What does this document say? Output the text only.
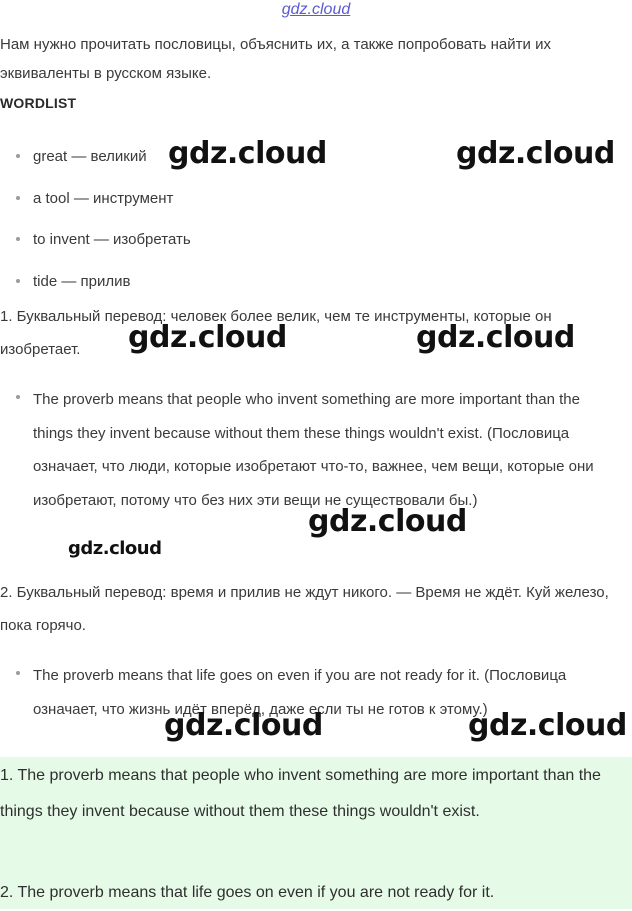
gdz.cloud
Нам нужно прочитать пословицы, объяснить их, а также попробовать найти их эквиваленты в русском языке.
WORDLIST
great — великий
a tool — инструмент
to invent — изобретать
tide — прилив
1. Буквальный перевод: человек более велик, чем те инструменты, которые он изобретает.
The proverb means that people who invent something are more important than the things they invent because without them these things wouldn't exist. (Пословица означает, что люди, которые изобретают что-то, важнее, чем вещи, которые они изобретают, потому что без них эти вещи не существовали бы.)
2. Буквальный перевод: время и прилив не ждут никого. — Время не ждёт. Куй железо, пока горячо.
The proverb means that life goes on even if you are not ready for it. (Пословица означает, что жизнь идёт вперёд, даже если ты не готов к этому.)
1. The proverb means that people who invent something are more important than the things they invent because without them these things wouldn't exist.
2. The proverb means that life goes on even if you are not ready for it.
gdz.cloud	gdz.cloud
gdz.cloud	gdz.cloud
gdz.cloud
gdz.cloud
gdz.cloud	gdz.cloud
